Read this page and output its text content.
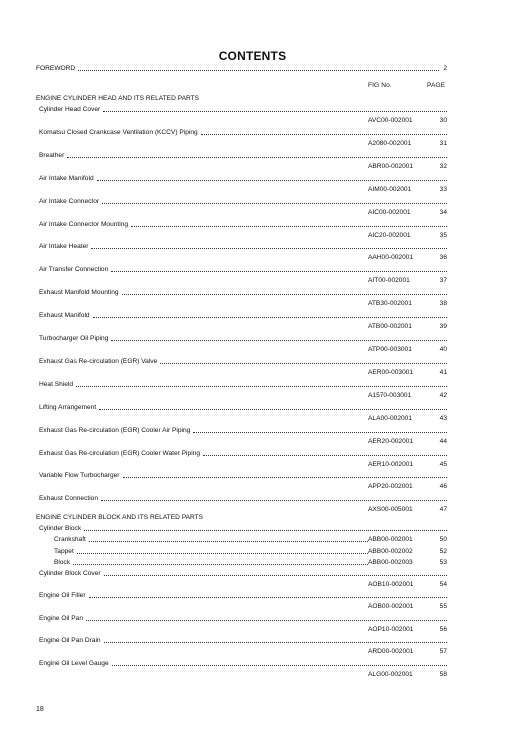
CONTENTS
FIG No.	PAGE
FOREWORD	2
ENGINE CYLINDER HEAD AND ITS RELATED PARTS
Cylinder Head Cover
AVC00-002001	30
Komatsu Closed Crankcase Ventilation (KCCV) Piping
A2080-002001	31
Breather
ABR00-002001	32
Air Intake Manifold
AIM00-002001	33
Air Intake Connector
AIC00-002001	34
Air Intake Connector Mounting
AIC20-002001	35
Air Intake Heater
AAH00-002001	36
Air Transfer Connection
AIT00-002001	37
Exhaust Manifold Mounting
ATB30-002001	38
Exhaust Manifold
ATB00-002001	39
Turbocharger Oil Piping
ATP00-003001	40
Exhaust Gas Re-circulation (EGR) Valve
AER00-003001	41
Heat Shield
A1570-003001	42
Lifting Arrangement
ALA00-002001	43
Exhaust Gas Re-circulation (EGR) Cooler Air Piping
AER20-002001	44
Exhaust Gas Re-circulation (EGR) Cooler Water Piping
AER10-002001	45
Variable Flow Turbocharger
APP20-002001	46
Exhaust Connection
AXS00-005001	47
ENGINE CYLINDER BLOCK AND ITS RELATED PARTS
Cylinder Block
Crankshaft	ABB00-002001	50
Tappet	ABB00-002002	52
Block	ABB00-002003	53
Cylinder Block Cover
AOB10-002001	54
Engine Oil Filler
AOB00-002001	55
Engine Oil Pan
AOP10-002001	56
Engine Oil Pan Drain
ARD00-002001	57
Engine Oil Level Gauge
ALG00-002001	58
18
